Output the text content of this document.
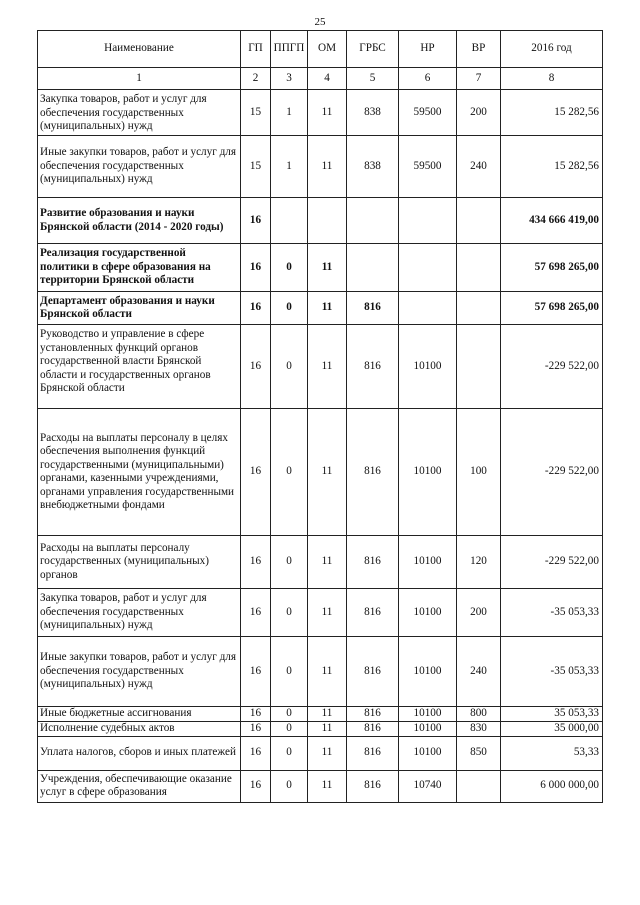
25
Наименование	ГП	ППГП	ОМ	ГРБС	НР	ВР	2016 год
1	2	3	4	5	6	7	8
Закупка товаров, работ и услуг для обеспечения государственных (муниципальных) нужд	15	1	11	838	59500	200	15 282,56
Иные закупки товаров, работ и услуг для обеспечения государственных (муниципальных) нужд	15	1	11	838	59500	240	15 282,56
Развитие образования и науки Брянской области (2014 - 2020 годы)	16						434 666 419,00
Реализация государственной политики в сфере образования на территории Брянской области	16	0	11				57 698 265,00
Департамент образования и науки Брянской области	16	0	11	816			57 698 265,00
Руководство и управление в сфере установленных функций органов государственной власти Брянской области и государственных органов Брянской области	16	0	11	816	10100		-229 522,00
Расходы на выплаты персоналу в целях обеспечения выполнения функций государственными (муниципальными) органами, казенными учреждениями, органами управления государственными внебюджетными фондами	16	0	11	816	10100	100	-229 522,00
Расходы на выплаты персоналу государственных (муниципальных) органов	16	0	11	816	10100	120	-229 522,00
Закупка товаров, работ и услуг для обеспечения государственных (муниципальных) нужд	16	0	11	816	10100	200	-35 053,33
Иные закупки товаров, работ и услуг для обеспечения государственных (муниципальных) нужд	16	0	11	816	10100	240	-35 053,33
Иные бюджетные ассигнования	16	0	11	816	10100	800	35 053,33
Исполнение судебных актов	16	0	11	816	10100	830	35 000,00
Уплата налогов, сборов и иных платежей	16	0	11	816	10100	850	53,33
Учреждения, обеспечивающие оказание услуг в сфере образования	16	0	11	816	10740		6 000 000,00
